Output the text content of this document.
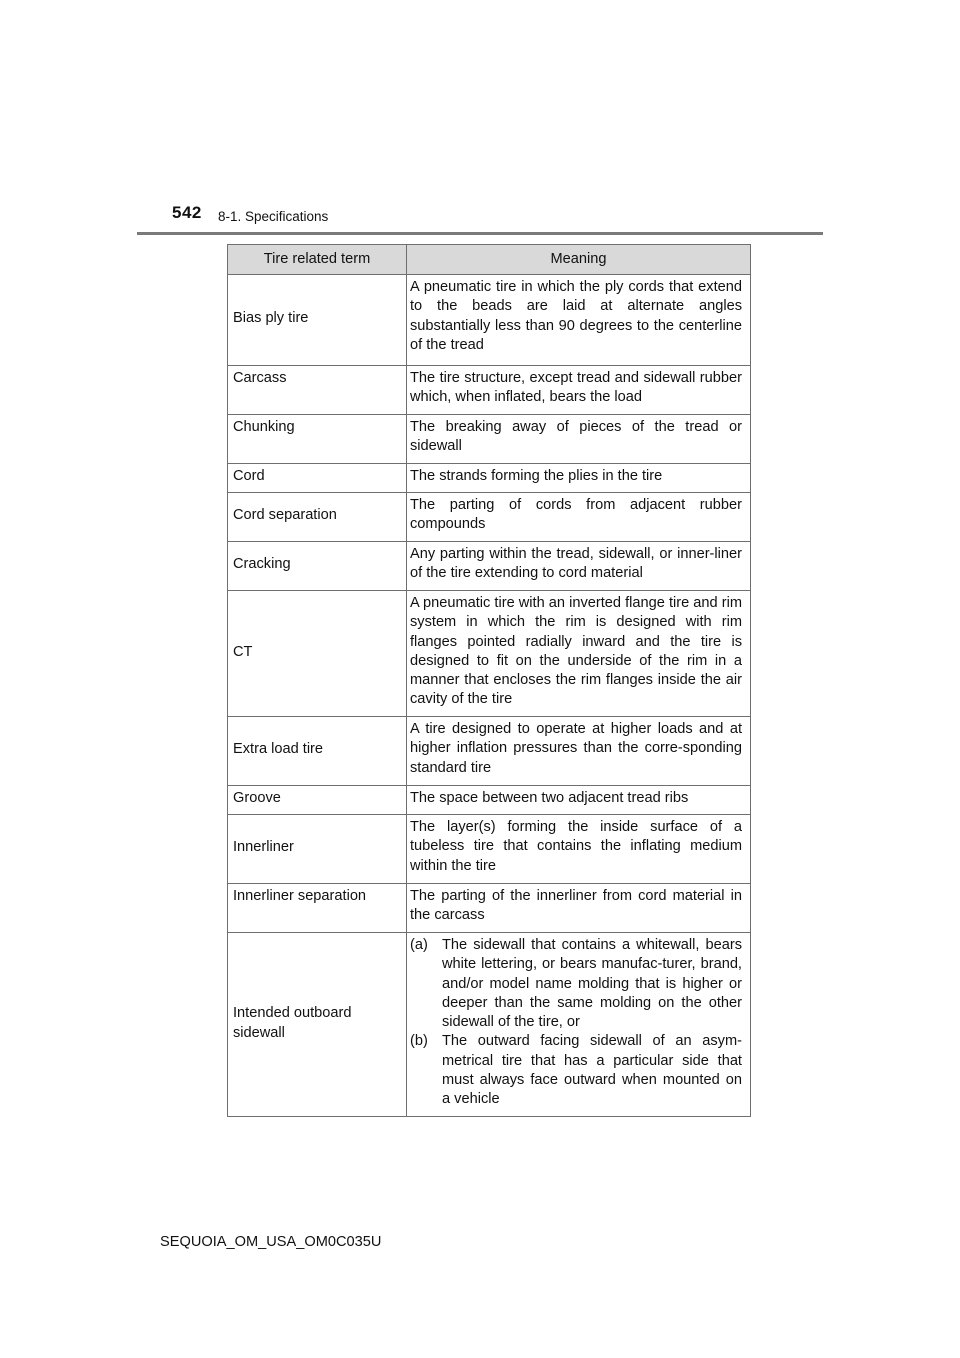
542 8-1. Specifications
Tire related term	Meaning
Bias ply tire	A pneumatic tire in which the ply cords that extend to the beads are laid at alternate angles substantially less than 90 degrees to the centerline of the tread
Carcass	The tire structure, except tread and sidewall rubber which, when inflated, bears the load
Chunking	The breaking away of pieces of the tread or sidewall
Cord	The strands forming the plies in the tire
Cord separation	The parting of cords from adjacent rubber compounds
Cracking	Any parting within the tread, sidewall, or inner-liner of the tire extending to cord material
CT	A pneumatic tire with an inverted flange tire and rim system in which the rim is designed with rim flanges pointed radially inward and the tire is designed to fit on the underside of the rim in a manner that encloses the rim flanges inside the air cavity of the tire
Extra load tire	A tire designed to operate at higher loads and at higher inflation pressures than the corre-sponding standard tire
Groove	The space between two adjacent tread ribs
Innerliner	The layer(s) forming the inside surface of a tubeless tire that contains the inflating medium within the tire
Innerliner separation	The parting of the innerliner from cord material in the carcass
Intended outboard sidewall	(a) The sidewall that contains a whitewall, bears white lettering, or bears manufac-turer, brand, and/or model name molding that is higher or deeper than the same molding on the other sidewall of the tire, or
(b) The outward facing sidewall of an asym-metrical tire that has a particular side that must always face outward when mounted on a vehicle
SEQUOIA_OM_USA_OM0C035U
